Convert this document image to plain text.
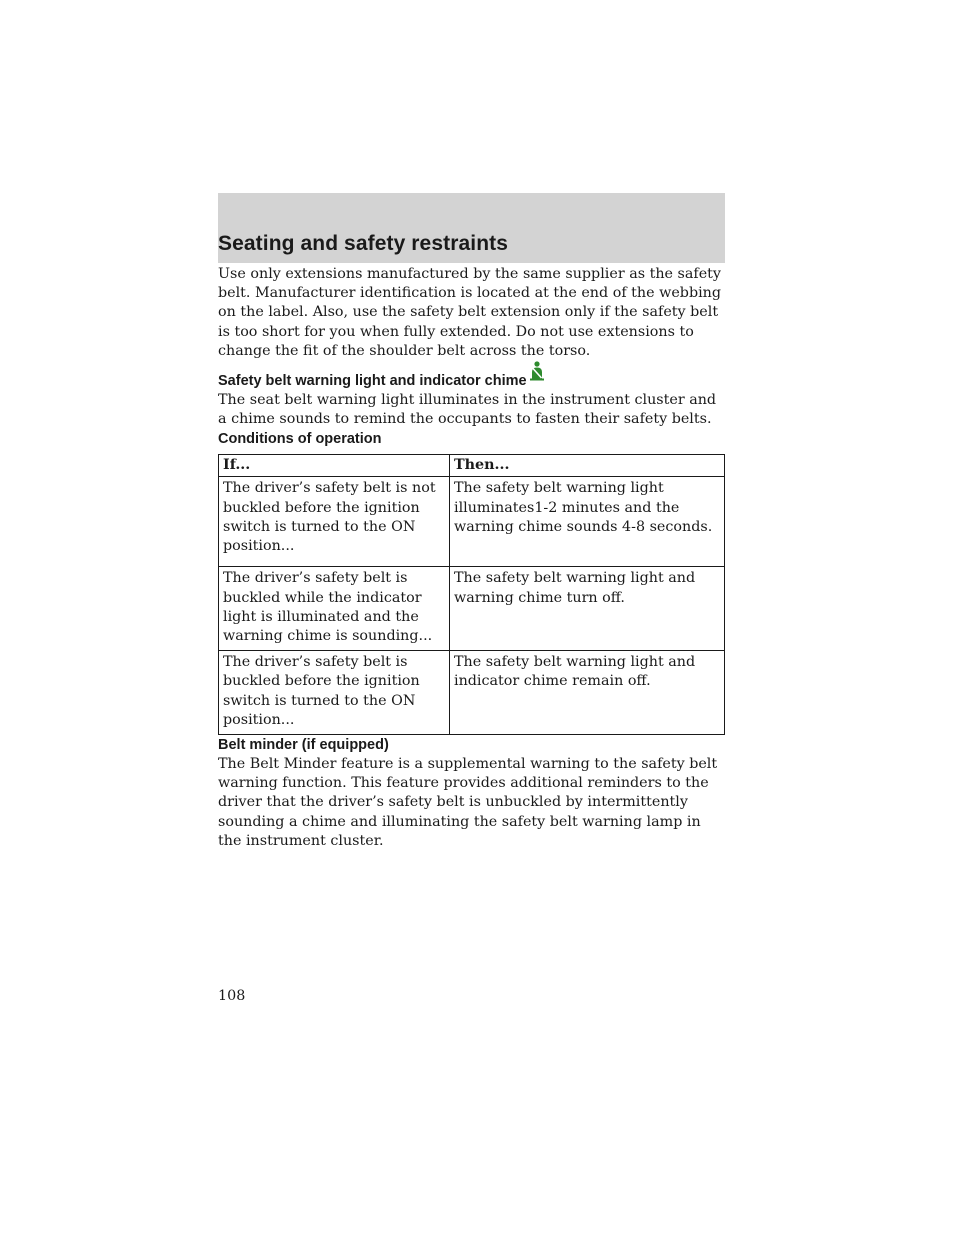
Seating and safety restraints

Use only extensions manufactured by the same supplier as the safety belt. Manufacturer identification is located at the end of the webbing on the label. Also, use the safety belt extension only if the safety belt is too short for you when fully extended. Do not use extensions to change the fit of the shoulder belt across the torso.

Safety belt warning light and indicator chime

The seat belt warning light illuminates in the instrument cluster and a chime sounds to remind the occupants to fasten their safety belts.

Conditions of operation
If...	Then...
The driver’s safety belt is not buckled before the ignition switch is turned to the ON position...	The safety belt warning light illuminates1-2 minutes and the warning chime sounds 4-8 seconds.
The driver’s safety belt is buckled while the indicator light is illuminated and the warning chime is sounding...	The safety belt warning light and warning chime turn off.
The driver’s safety belt is buckled before the ignition switch is turned to the ON position...	The safety belt warning light and indicator chime remain off.
Belt minder (if equipped)

The Belt Minder feature is a supplemental warning to the safety belt warning function. This feature provides additional reminders to the driver that the driver’s safety belt is unbuckled by intermittently sounding a chime and illuminating the safety belt warning lamp in the instrument cluster.

108
